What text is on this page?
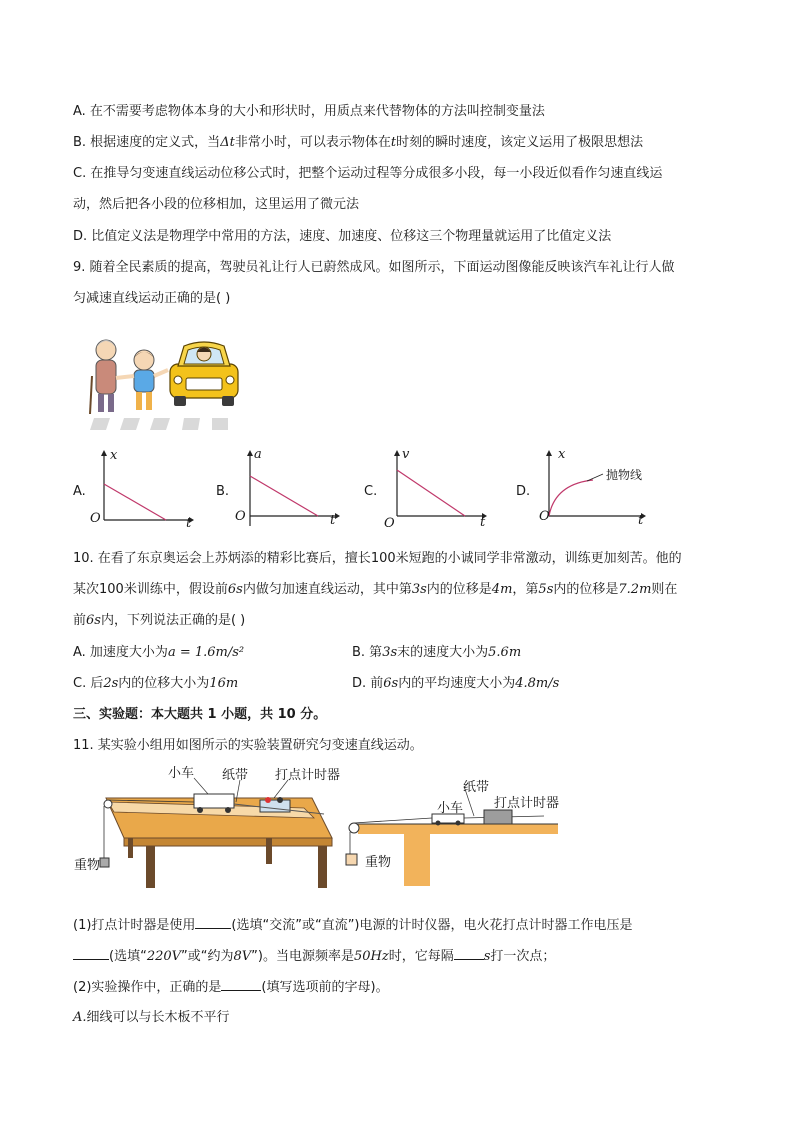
A. 在不需要考虑物体本身的大小和形状时，用质点来代替物体的方法叫控制变量法
B. 根据速度的定义式，当Δt非常小时，可以表示物体在t时刻的瞬时速度，该定义运用了极限思想法
C. 在推导匀变速直线运动位移公式时，把整个运动过程等分成很多小段，每一小段近似看作匀速直线运
动，然后把各小段的位移相加，这里运用了微元法
D. 比值定义法是物理学中常用的方法，速度、加速度、位移这三个物理量就运用了比值定义法
9. 随着全民素质的提高，驾驶员礼让行人已蔚然成风。如图所示，下面运动图像能反映该汽车礼让行人做
匀减速直线运动正确的是( )
A.
x
O	t
B.
a
O	t
C.
v
O	t
D.
x
O	t
抛物线
10. 在看了东京奥运会上苏炳添的精彩比赛后，擅长100米短跑的小诚同学非常激动，训练更加刻苦。他的
某次100米训练中，假设前6s内做匀加速直线运动，其中第3s内的位移是4m，第5s内的位移是7.2m则在
前6s内，下列说法正确的是( )
A. 加速度大小为a = 1.6m/s²	B. 第3s末的速度大小为5.6m
C. 后2s内的位移大小为16m	D. 前6s内的平均速度大小为4.8m/s
三、实验题：本大题共 1 小题，共 10 分。
11. 某实验小组用如图所示的实验装置研究匀变速直线运动。
小车 纸带 打点计时器
重物
纸带
小车 打点计时器
重物
(1)打点计时器是使用	(选填“交流”或“直流”)电源的计时仪器，电火花打点计时器工作电压是
(选填“220V”或“约为8V”)。当电源频率是50Hz时，它每隔 s打一次点；
(2)实验操作中，正确的是	(填写选项前的字母)。
A.细线可以与长木板不平行
